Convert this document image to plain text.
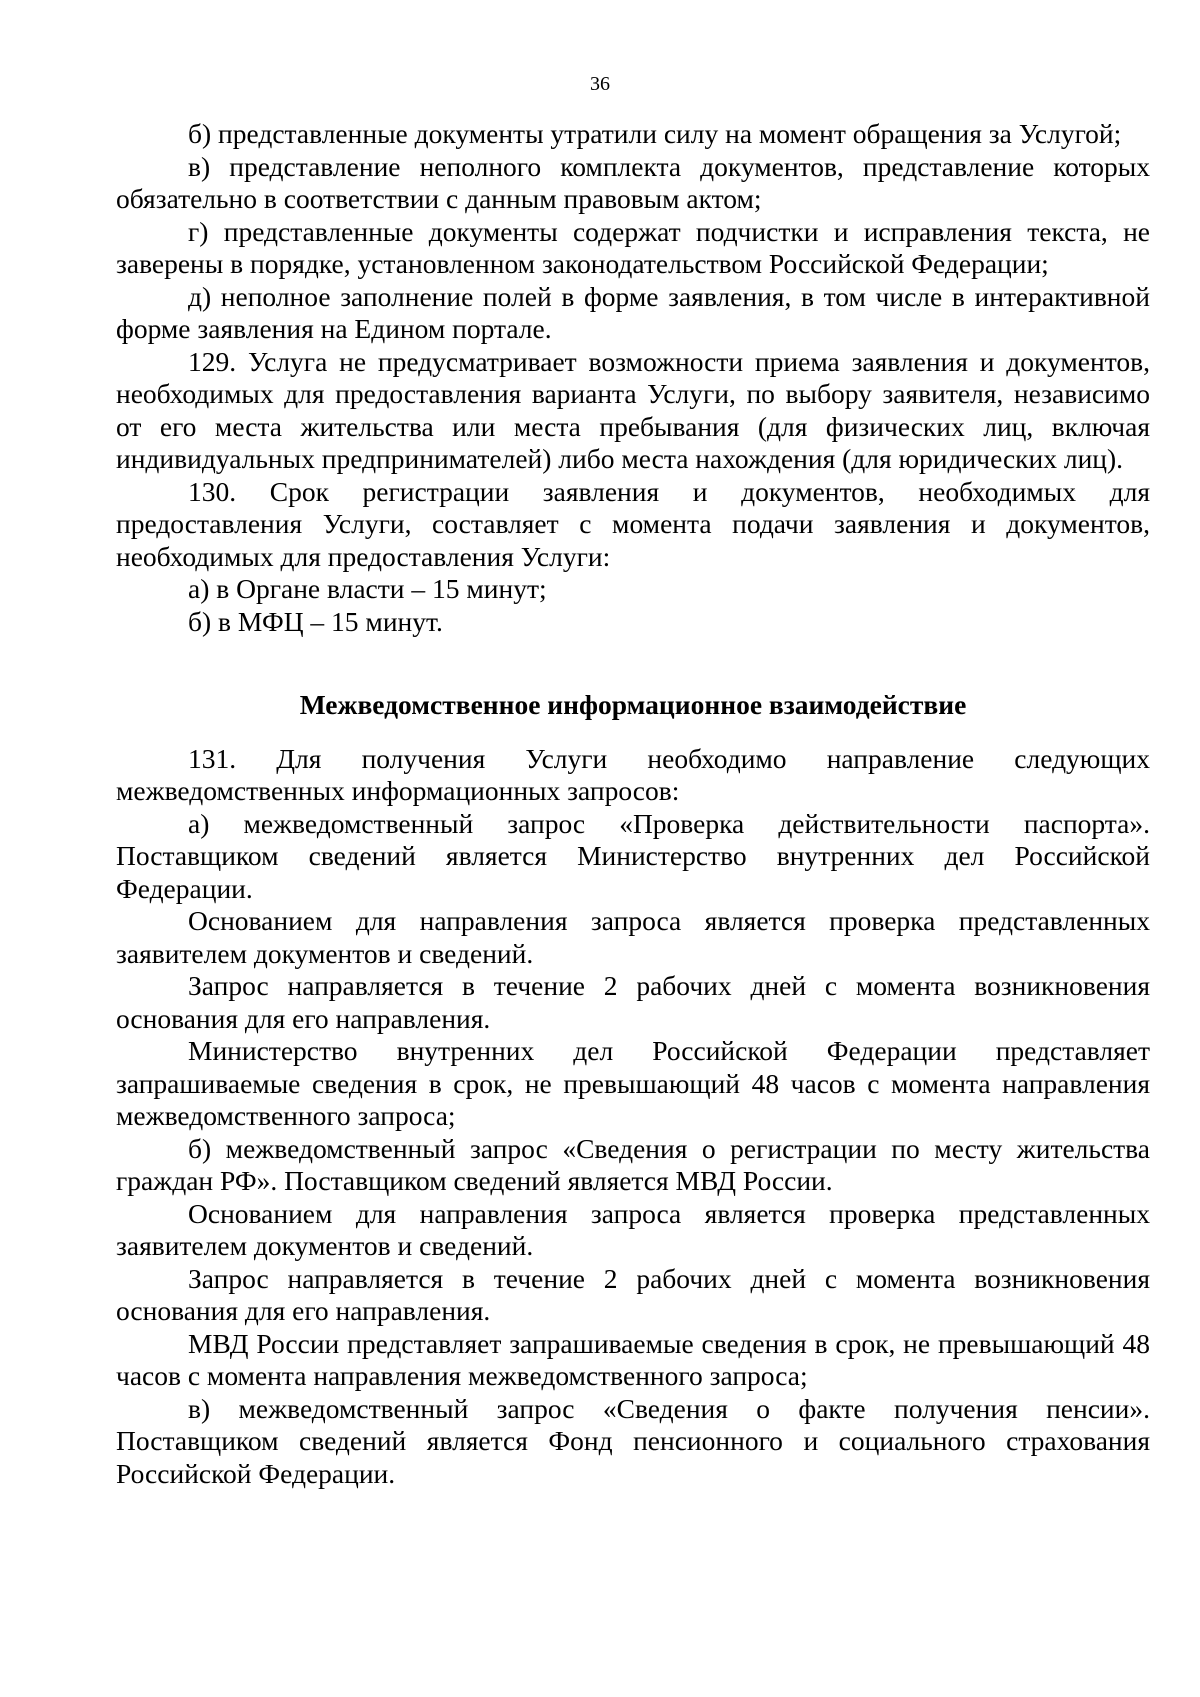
36

б) представленные документы утратили силу на момент обращения за Услугой;

в) представление неполного комплекта документов, представление которых обязательно в соответствии с данным правовым актом;

г) представленные документы содержат подчистки и исправления текста, не заверены в порядке, установленном законодательством Российской Федерации;

д) неполное заполнение полей в форме заявления, в том числе в интерактивной форме заявления на Едином портале.

129. Услуга не предусматривает возможности приема заявления и документов, необходимых для предоставления варианта Услуги, по выбору заявителя, независимо от его места жительства или места пребывания (для физических лиц, включая индивидуальных предпринимателей) либо места нахождения (для юридических лиц).

130. Срок регистрации заявления и документов, необходимых для предоставления Услуги, составляет с момента подачи заявления и документов, необходимых для предоставления Услуги:

а) в Органе власти – 15 минут;

б) в МФЦ – 15 минут.

Межведомственное информационное взаимодействие

131. Для получения Услуги необходимо направление следующих межведомственных информационных запросов:

а) межведомственный запрос «Проверка действительности паспорта». Поставщиком сведений является Министерство внутренних дел Российской Федерации.

Основанием для направления запроса является проверка представленных заявителем документов и сведений.

Запрос направляется в течение 2 рабочих дней с момента возникновения основания для его направления.

Министерство внутренних дел Российской Федерации представляет запрашиваемые сведения в срок, не превышающий 48 часов с момента направления межведомственного запроса;

б) межведомственный запрос «Сведения о регистрации по месту жительства граждан РФ». Поставщиком сведений является МВД России.

Основанием для направления запроса является проверка представленных заявителем документов и сведений.

Запрос направляется в течение 2 рабочих дней с момента возникновения основания для его направления.

МВД России представляет запрашиваемые сведения в срок, не превышающий 48 часов с момента направления межведомственного запроса;

в) межведомственный запрос «Сведения о факте получения пенсии». Поставщиком сведений является Фонд пенсионного и социального страхования Российской Федерации.
